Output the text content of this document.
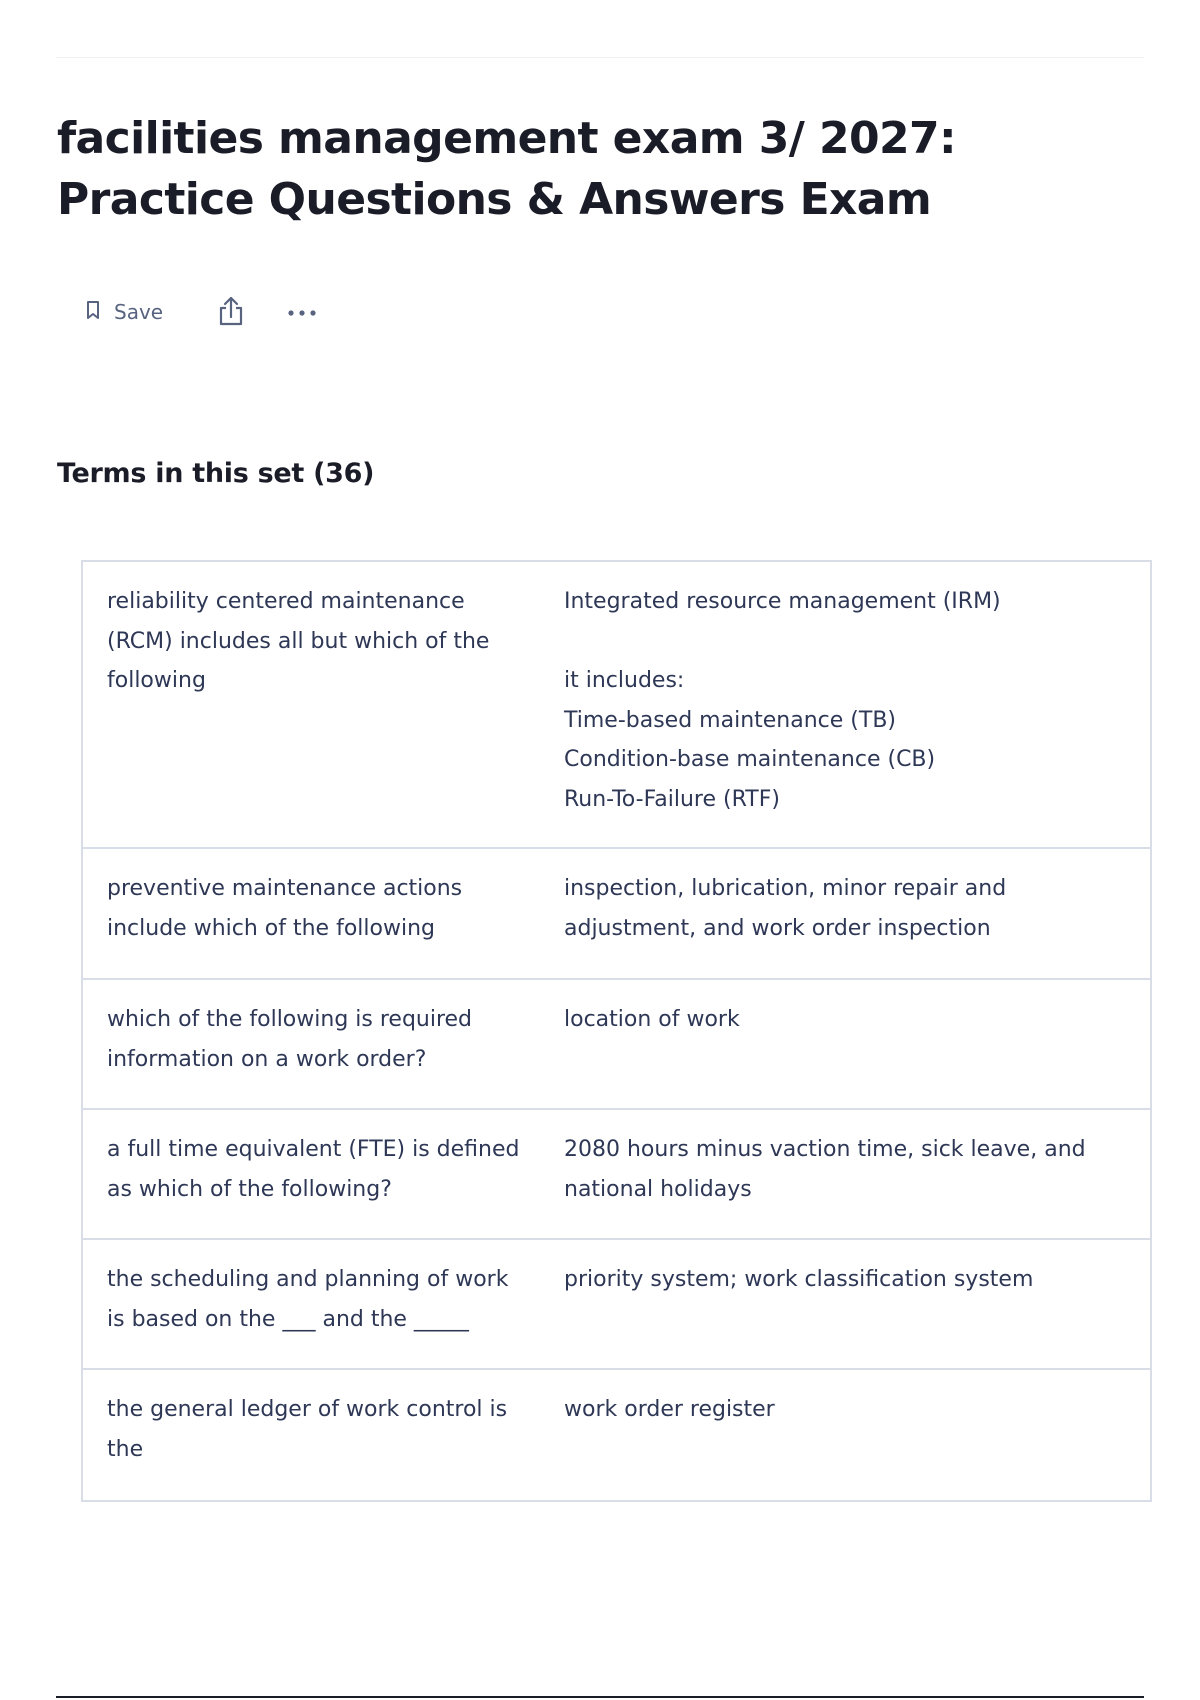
facilities management exam 3/ 2027: Practice Questions & Answers Exam
Save
Terms in this set (36)
reliability centered maintenance (RCM) includes all but which of the following
Integrated resource management (IRM)

it includes:
Time-based maintenance (TB)
Condition-base maintenance (CB)
Run-To-Failure (RTF)
preventive maintenance actions include which of the following
inspection, lubrication, minor repair and adjustment, and work order inspection
which of the following is required information on a work order?
location of work
a full time equivalent (FTE) is defined as which of the following?
2080 hours minus vaction time, sick leave, and national holidays
the scheduling and planning of work is based on the ___ and the _____
priority system; work classification system
the general ledger of work control is the
work order register
